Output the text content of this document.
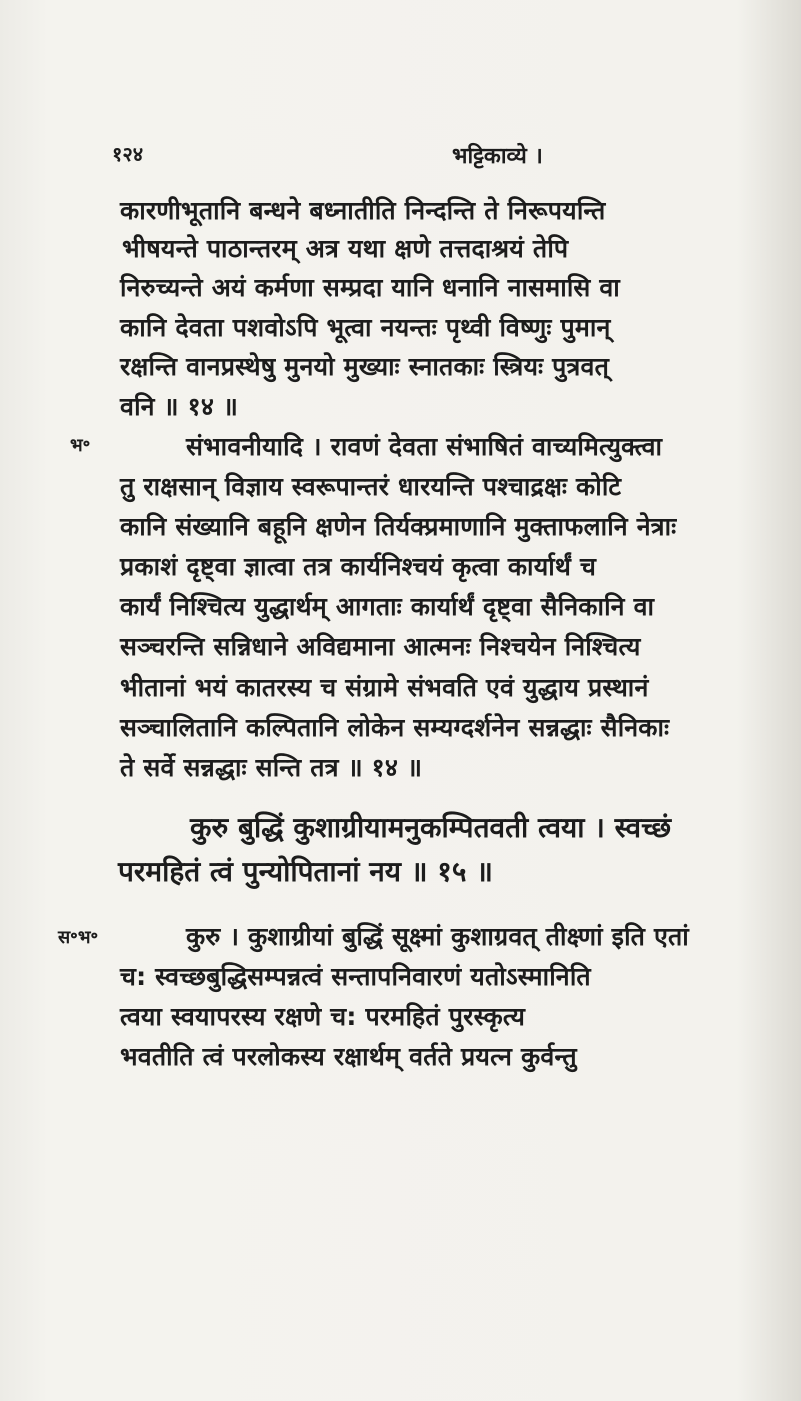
१२४	भट्टिकाव्ये ।
कारणीभूतानि बन्धने बध्नातीति निन्दन्ति ते निरूपयन्ति
भीषयन्ते पाठान्तरम् अत्र यथा क्षणे तत्तदाश्रयं तेपि
निरुच्यन्ते अयं कर्मणा सम्प्रदा यानि धनानि नासमासि वा
कानि देवता पशवोऽपि भूत्वा नयन्तः पृथ्वी विष्णुः पुमान्
रक्षन्ति वानप्रस्थेषु मुनयो मुख्याः स्नातकाः स्त्रियः पुत्रवत्
वनि ॥ १४ ॥
भ॰	संभावनीयादि । रावणं देवता संभाषितं वाच्यमित्युक्त्वा
तु राक्षसान् विज्ञाय स्वरूपान्तरं धारयन्ति पश्चाद्रक्षः कोटि
कानि संख्यानि बहूनि क्षणेन तिर्यक्प्रमाणानि मुक्ताफलानि नेत्राः
प्रकाशं दृष्ट्वा ज्ञात्वा तत्र कार्यनिश्चयं कृत्वा कार्यार्थं च
कार्यं निश्चित्य युद्धार्थम् आगताः कार्यार्थं दृष्ट्वा सैनिकानि वा
सञ्चरन्ति सन्निधाने अविद्यमाना आत्मनः निश्चयेन निश्चित्य
भीतानां भयं कातरस्य च संग्रामे संभवति एवं युद्धाय प्रस्थानं
सञ्चालितानि कल्पितानि लोकेन सम्यग्दर्शनेन सन्नद्धाः सैनिकाः
ते सर्वे सन्नद्धाः सन्ति तत्र ॥ १४ ॥
कुरु बुद्धिं कुशाग्रीयामनुकम्पितवती त्वया । स्वच्छं
परमहितं त्वं पुन्योपितानां नय ॥ १५ ॥
स॰भ॰	कुरु । कुशाग्रीयां बुद्धिं सूक्ष्मां कुशाग्रवत् तीक्ष्णां इति एतां
च: स्वच्छबुद्धिसम्पन्नत्वं सन्तापनिवारणं यतोऽस्मानिति
त्वया स्वयापरस्य रक्षणे च: परमहितं पुरस्कृत्य
भवतीति त्वं परलोकस्य रक्षार्थम् वर्तते प्रयत्न कुर्वन्तु
